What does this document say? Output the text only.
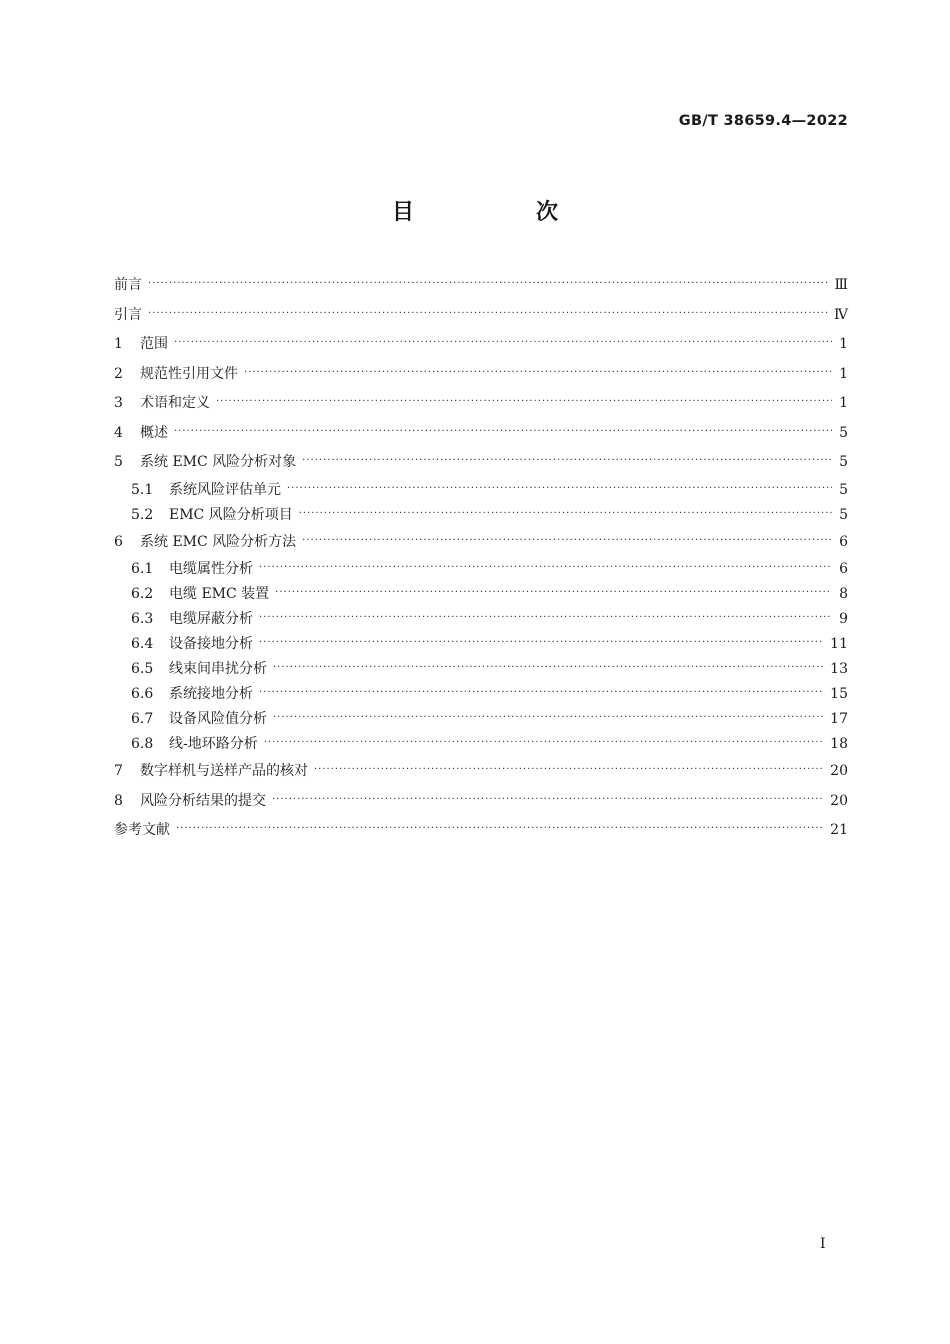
GB/T 38659.4—2022
目　次
前言 ·····	Ⅲ
引言 ·····	Ⅳ
1	范围 ·····	1
2	规范性引用文件 ·····	1
3	术语和定义 ·····	1
4	概述 ·····	5
5	系统 EMC 风险分析对象 ·····	5
5.1	系统风险评估单元 ·····	5
5.2	EMC 风险分析项目 ·····	5
6	系统 EMC 风险分析方法 ·····	6
6.1	电缆属性分析 ·····	6
6.2	电缆 EMC 装置 ·····	8
6.3	电缆屏蔽分析 ·····	9
6.4	设备接地分析 ·····	11
6.5	线束间串扰分析 ·····	13
6.6	系统接地分析 ·····	15
6.7	设备风险值分析 ·····	17
6.8	线-地环路分析 ·····	18
7	数字样机与送样产品的核对 ·····	20
8	风险分析结果的提交 ·····	20
参考文献 ·····	21
Ⅰ
